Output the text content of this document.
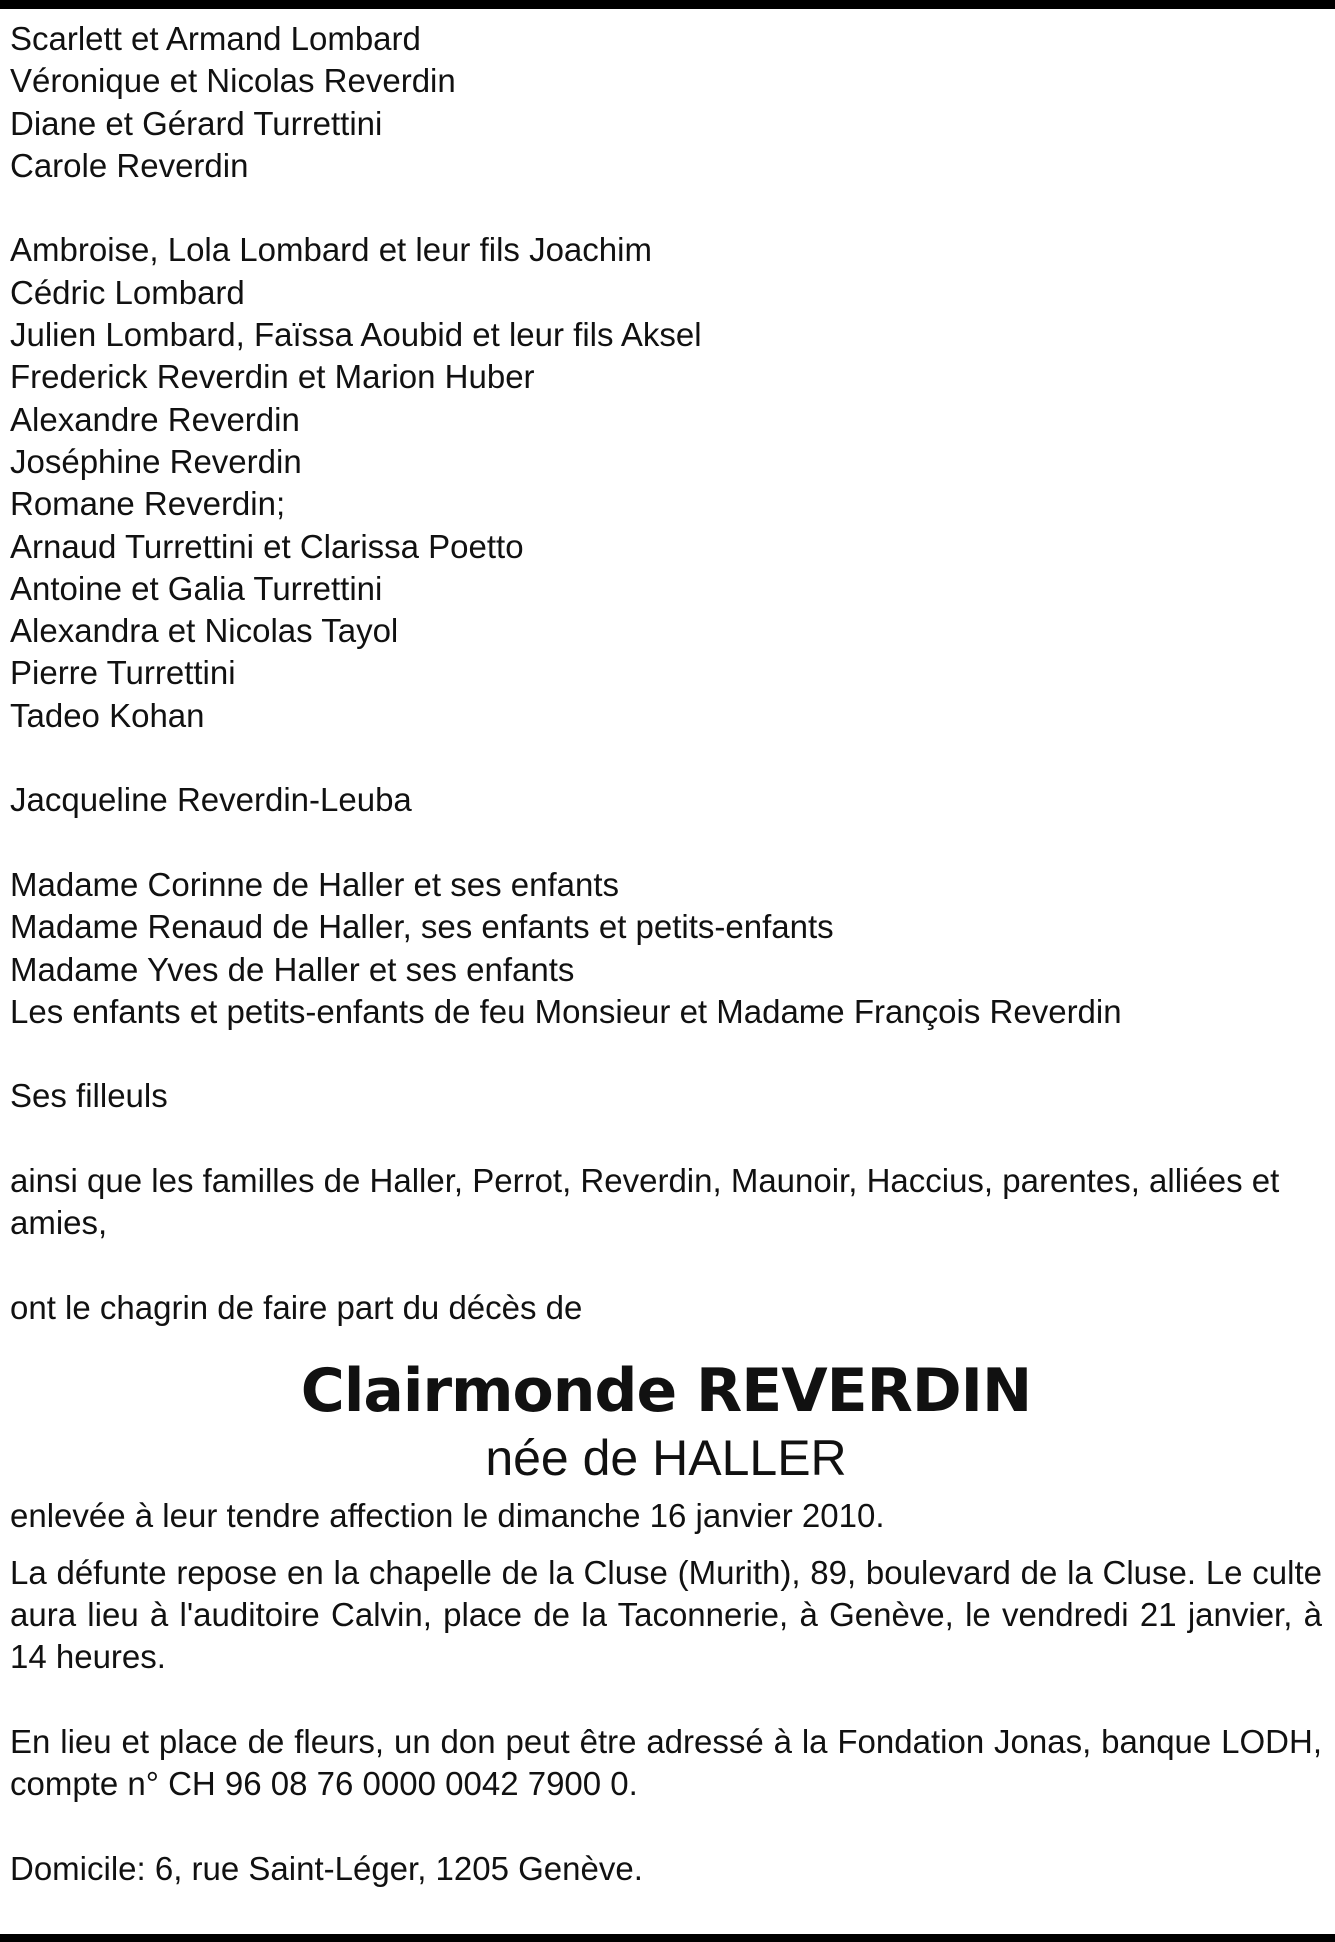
Scarlett et Armand Lombard
Véronique et Nicolas Reverdin
Diane et Gérard Turrettini
Carole Reverdin
Ambroise, Lola Lombard et leur fils Joachim
Cédric Lombard
Julien Lombard, Faïssa Aoubid et leur fils Aksel
Frederick Reverdin et Marion Huber
Alexandre Reverdin
Joséphine Reverdin
Romane Reverdin;
Arnaud Turrettini et Clarissa Poetto
Antoine et Galia Turrettini
Alexandra et Nicolas Tayol
Pierre Turrettini
Tadeo Kohan
Jacqueline Reverdin-Leuba
Madame Corinne de Haller et ses enfants
Madame Renaud de Haller, ses enfants et petits-enfants
Madame Yves de Haller et ses enfants
Les enfants et petits-enfants de feu Monsieur et Madame François Reverdin
Ses filleuls
ainsi que les familles de Haller, Perrot, Reverdin, Maunoir, Haccius, parentes, alliées et amies,
ont le chagrin de faire part du décès de
Clairmonde REVERDIN
née de HALLER
enlevée à leur tendre affection le dimanche 16 janvier 2010.
La défunte repose en la chapelle de la Cluse (Murith), 89, boulevard de la Cluse. Le culte aura lieu à l'auditoire Calvin, place de la Taconnerie, à Genève, le vendredi 21 janvier, à 14 heures.
En lieu et place de fleurs, un don peut être adressé à la Fondation Jonas, banque LODH, compte n° CH 96 08 76 0000 0042 7900 0.
Domicile: 6, rue Saint-Léger, 1205 Genève.
